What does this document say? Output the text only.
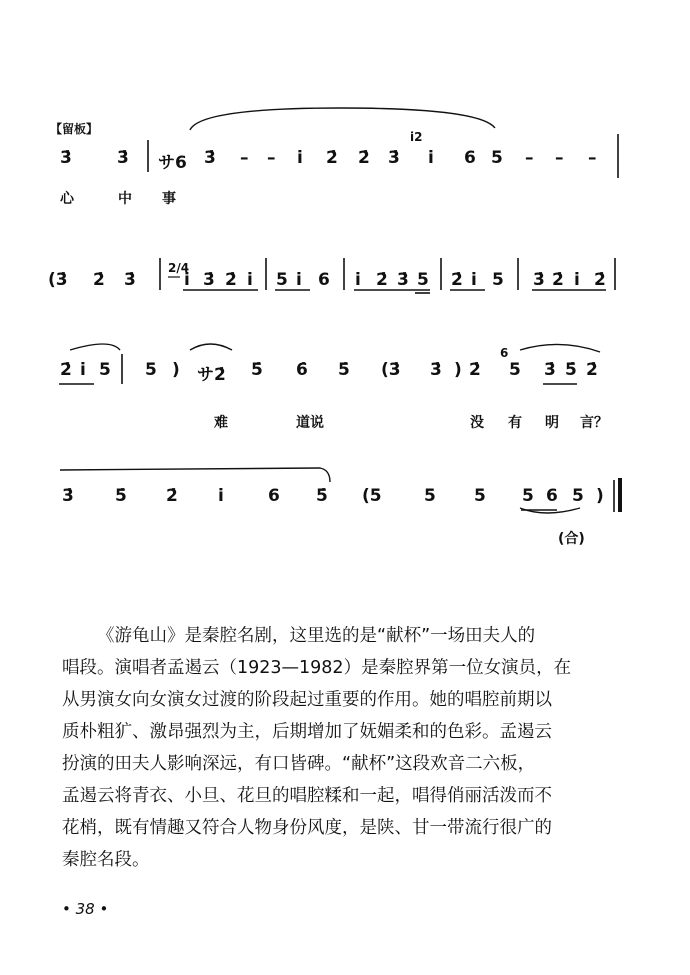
【留板】
3̇	3̇ サ6 3̇ – – i 2̇ 2̇ 3̇
i2
i 6 5 – – –
心	中 事
(3̇ 2̇ 3̇
2/4
i 3̇ 2̇ i 5 i 6 i 2̇ 3̇ 5 2̇ i 5 3̇ 2̇ i 2̇
2̇ i 5 5 ) サ2̇ 5̇ 6̇ 5̇ (3̇ 3̇ ) 2̇
6
5 3̇ 5̇ 2̇
难	道说	没 有 明 言？
3̇ 5̇ 2̇ i	6 5̇ (5 5 5 5 6 5 )
(合)

《游龟山》是秦腔名剧，这里选的是“献杯”一场田夫人的

唱段。演唱者孟遏云（1923—1982）是秦腔界第一位女演员，在

从男演女向女演女过渡的阶段起过重要的作用。她的唱腔前期以

质朴粗犷、激昂强烈为主，后期增加了妩媚柔和的色彩。孟遏云

扮演的田夫人影响深远，有口皆碑。“献杯”这段欢音二六板，

孟遏云将青衣、小旦、花旦的唱腔糅和一起，唱得俏丽活泼而不

花梢，既有情趣又符合人物身份风度，是陕、甘一带流行很广的

秦腔名段。

• 38 •
